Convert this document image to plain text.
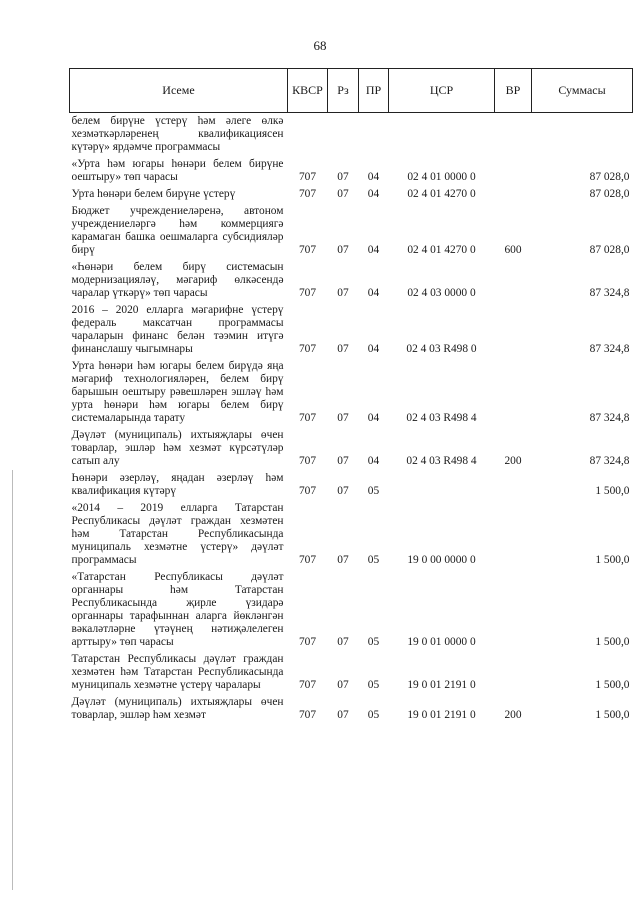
68
Исеме	КВСР	Рз	ПР	ЦСР	ВР	Суммасы
белем бирүне үстерү һәм әлеге өлкә хезмәткәрләренең квалификациясен күтәрү» ярдәмче программасы						
«Урта һәм югары һөнәри белем бирүне оештыру» төп чарасы	707	07	04	02 4 01 0000 0		87 028,0
Урта һөнәри белем бирүне үстерү	707	07	04	02 4 01 4270 0		87 028,0
Бюджет учреждениеләренә, автоном учреждениеләргә һәм коммерциягә карамаган башка оешмаларга субсидияләр бирү	707	07	04	02 4 01 4270 0	600	87 028,0
«Һөнәри белем бирү системасын модернизацияләү, мәгариф өлкәсендә чаралар үткәрү» төп чарасы	707	07	04	02 4 03 0000 0		87 324,8
2016 – 2020 елларга мәгарифне үстерү федераль максатчан программасы чараларын финанс белән тәэмин итүгә финанслашу чыгымнары	707	07	04	02 4 03 R498 0		87 324,8
Урта һөнәри һәм югары белем бирүдә яңа мәгариф технологияләрен, белем бирү барышын оештыру рәвешләрен эшләү һәм урта һөнәри һәм югары белем бирү системаларында тарату	707	07	04	02 4 03 R498 4		87 324,8
Дәүләт (муниципаль) ихтыяҗлары өчен товарлар, эшләр һәм хезмәт күрсәтүләр сатып алу	707	07	04	02 4 03 R498 4	200	87 324,8
Һөнәри әзерләү, яңадан әзерләү һәм квалификация күтәрү	707	07	05			1 500,0
«2014 – 2019 елларга Татарстан Республикасы дәүләт граждан хезмәтен һәм Татарстан Республикасында муниципаль хезмәтне үстерү» дәүләт программасы	707	07	05	19 0 00 0000 0		1 500,0
«Татарстан Республикасы дәүләт органнары һәм Татарстан Республикасында җирле үзидарә органнары тарафыннан аларга йөкләнгән вәкаләтләрне үтәүнең нәтиҗәлелеген арттыру» төп чарасы	707	07	05	19 0 01 0000 0		1 500,0
Татарстан Республикасы дәүләт граждан хезмәтен һәм Татарстан Республикасында муниципаль хезмәтне үстерү чаралары	707	07	05	19 0 01 2191 0		1 500,0
Дәүләт (муниципаль) ихтыяҗлары өчен товарлар, эшләр һәм хезмәт	707	07	05	19 0 01 2191 0	200	1 500,0
